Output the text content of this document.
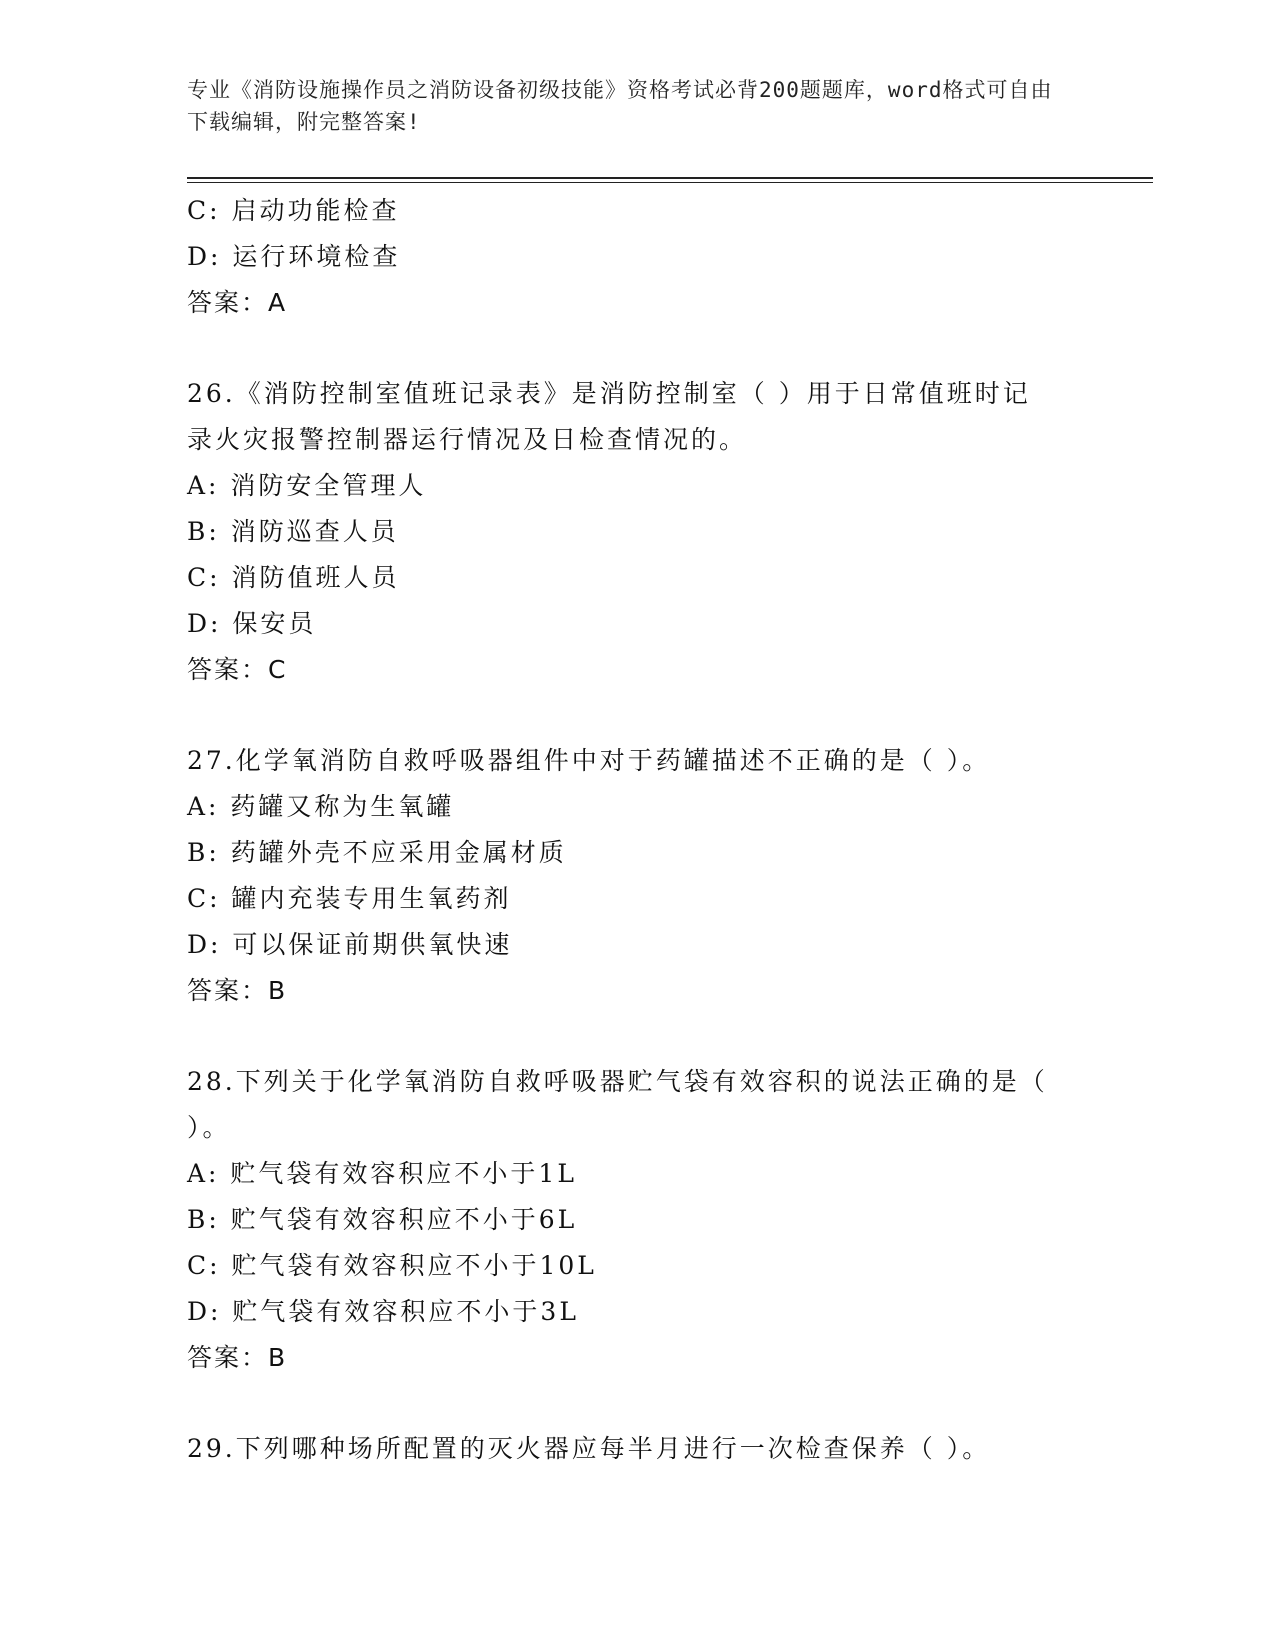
专业《消防设施操作员之消防设备初级技能》资格考试必背200题题库，word格式可自由下载编辑，附完整答案!
C: 启动功能检查
D: 运行环境检查
答案：A
26.《消防控制室值班记录表》是消防控制室（ ）用于日常值班时记
录火灾报警控制器运行情况及日检查情况的。
A: 消防安全管理人
B: 消防巡查人员
C: 消防值班人员
D: 保安员
答案：C
27.化学氧消防自救呼吸器组件中对于药罐描述不正确的是（ ）。
A: 药罐又称为生氧罐
B: 药罐外壳不应采用金属材质
C: 罐内充装专用生氧药剂
D: 可以保证前期供氧快速
答案：B
28.下列关于化学氧消防自救呼吸器贮气袋有效容积的说法正确的是（
）。
A: 贮气袋有效容积应不小于1L
B: 贮气袋有效容积应不小于6L
C: 贮气袋有效容积应不小于10L
D: 贮气袋有效容积应不小于3L
答案：B
29.下列哪种场所配置的灭火器应每半月进行一次检查保养（ ）。
